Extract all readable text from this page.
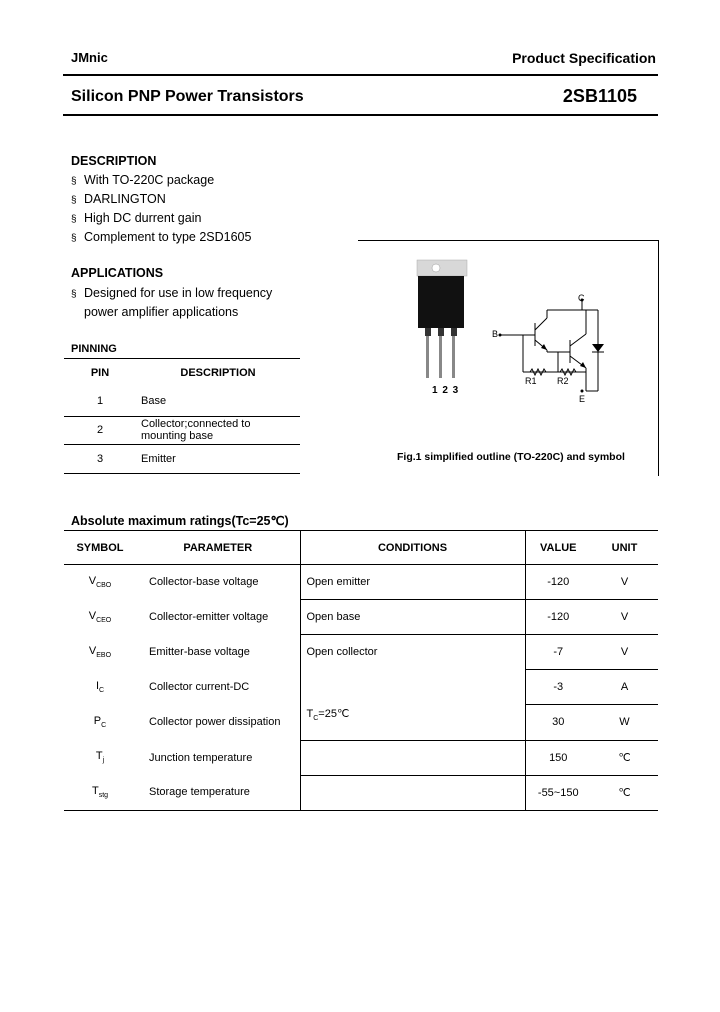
JMnic	Product Specification
Silicon PNP Power Transistors	2SB1105
DESCRIPTION
§ With TO-220C package
§ DARLINGTON
§ High DC durrent gain
§ Complement to type 2SD1605
APPLICATIONS
§ Designed for use in low frequency
power amplifier applications
PINNING
PIN	DESCRIPTION
1	Base
2	Collector;connected to
mounting base
3	Emitter
1 2 3
B
C
E
R1 R2
Fig.1 simplified outline (TO-220C) and symbol
Absolute maximum ratings(Tc=25℃)
SYMBOL	PARAMETER	CONDITIONS	VALUE	UNIT
$V_{CBO}$	Collector-base voltage	Open emitter	-120	V
$V_{CEO}$	Collector-emitter voltage	Open base	-120	V
$V_{EBO}$	Emitter-base voltage	Open collector	-7	V
$I_C$	Collector current-DC		-3	A
$P_C$	Collector power dissipation	$T_C=25℃$	30	W
$T_j$	Junction temperature		150	℃
$T_{stg}$	Storage temperature		-55~150	℃
